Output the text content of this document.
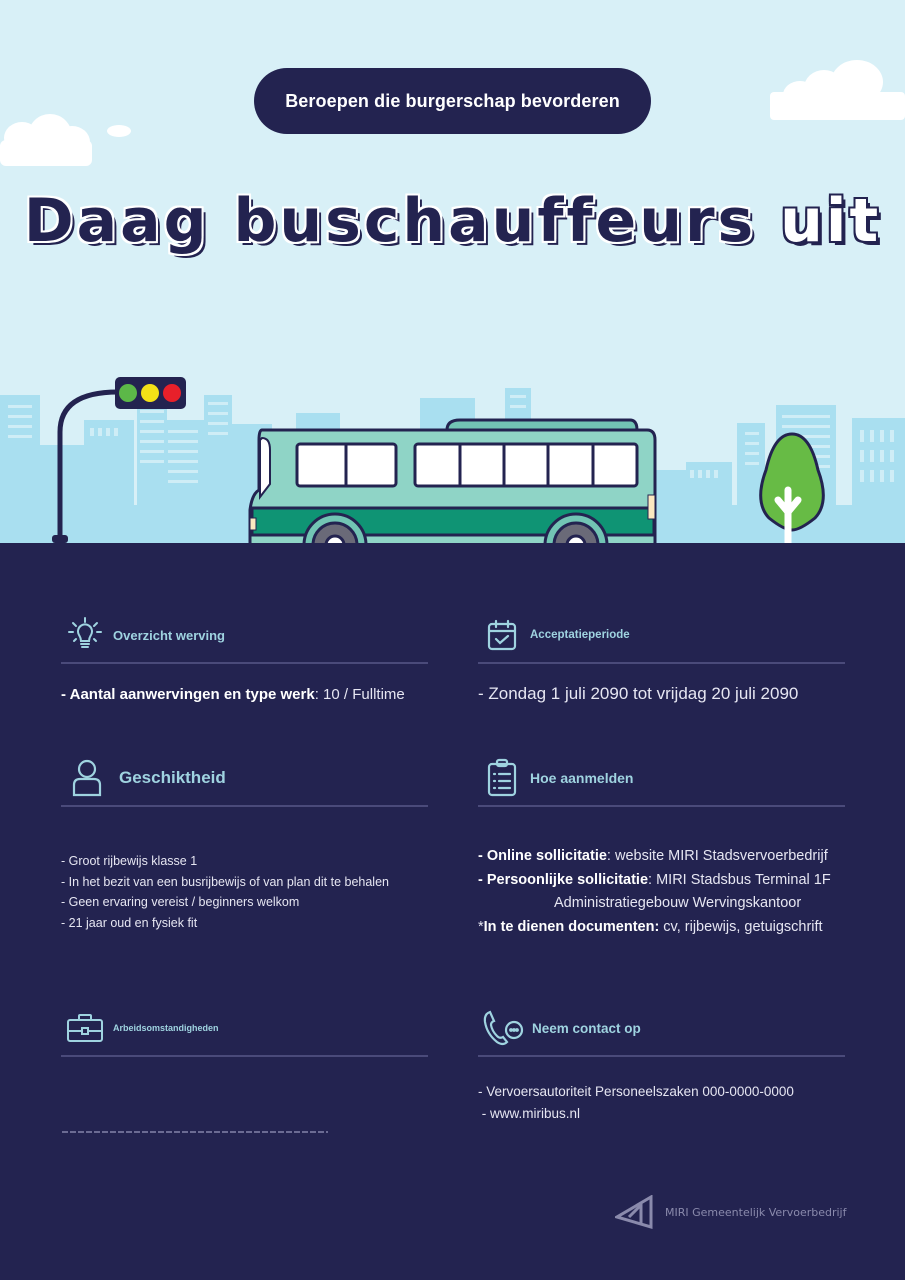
Beroepen die burgerschap bevorderen
Daag buschauffeurs uit
Overzicht werving
- Aantal aanwervingen en type werk: 10 / Fulltime
Acceptatieperiode
- Zondag 1 juli 2090 tot vrijdag 20 juli 2090
Geschiktheid
- Groot rijbewijs klasse 1
- In het bezit van een busrijbewijs of van plan dit te behalen
- Geen ervaring vereist / beginners welkom
- 21 jaar oud en fysiek fit
Hoe aanmelden
- Online sollicitatie: website MIRI Stadsvervoerbedrijf
- Persoonlijke sollicitatie: MIRI Stadsbus Terminal 1F
Administratiegebouw Wervingskantoor
*In te dienen documenten: cv, rijbewijs, getuigschrift
Arbeidsomstandigheden	Neem contact op
- Vervoersautoriteit Personeelszaken 000-0000-0000
- www.miribus.nl
MIRI Gemeentelijk Vervoerbedrijf
